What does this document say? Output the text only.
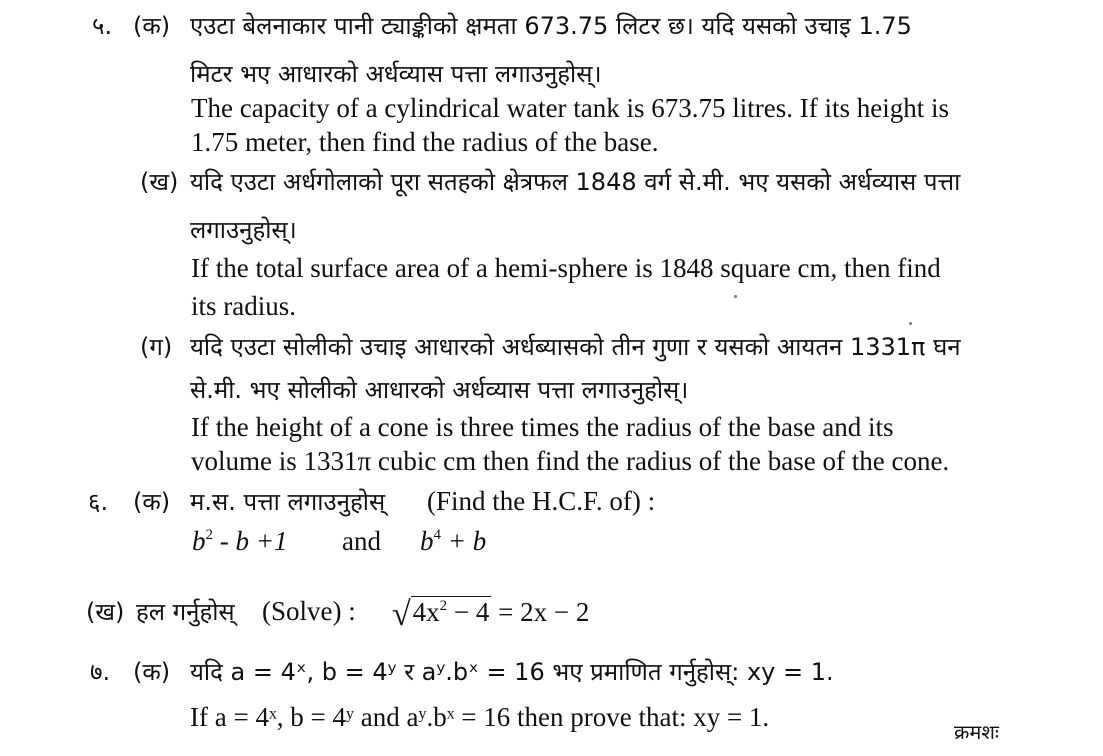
५. (क) एउटा बेलनाकार पानी ट्याङ्कीको क्षमता 673.75 लिटर छ। यदि यसको उचाइ 1.75
मिटर भए आधारको अर्धव्यास पत्ता लगाउनुहोस्।
The capacity of a cylindrical water tank is 673.75 litres. If its height is
1.75 meter, then find the radius of the base.
(ख) यदि एउटा अर्धगोलाको पूरा सतहको क्षेत्रफल 1848 वर्ग से.मी. भए यसको अर्धव्यास पत्ता
लगाउनुहोस्।
If the total surface area of a hemi-sphere is 1848 square cm, then find
its radius.
(ग) यदि एउटा सोलीको उचाइ आधारको अर्धब्यासको तीन गुणा र यसको आयतन 1331π घन
से.मी. भए सोलीको आधारको अर्धव्यास पत्ता लगाउनुहोस्।
If the height of a cone is three times the radius of the base and its
volume is 1331π cubic cm then find the radius of the base of the cone.
६. (क) म.स. पत्ता लगाउनुहोस् (Find the H.C.F. of) :
$b^2 - b +1$ and $b^4 + b$
(ख) हल गर्नुहोस् (Solve) : $√4x^2 - 4 = 2x - 2$
७. (क) यदि a = 4ˣ, b = 4ʸ र aʸ.bˣ = 16 भए प्रमाणित गर्नुहोस्: xy = 1.
If a = 4ˣ, b = 4ʸ and aʸ.bˣ = 16 then prove that: xy = 1.	क्रमशः
